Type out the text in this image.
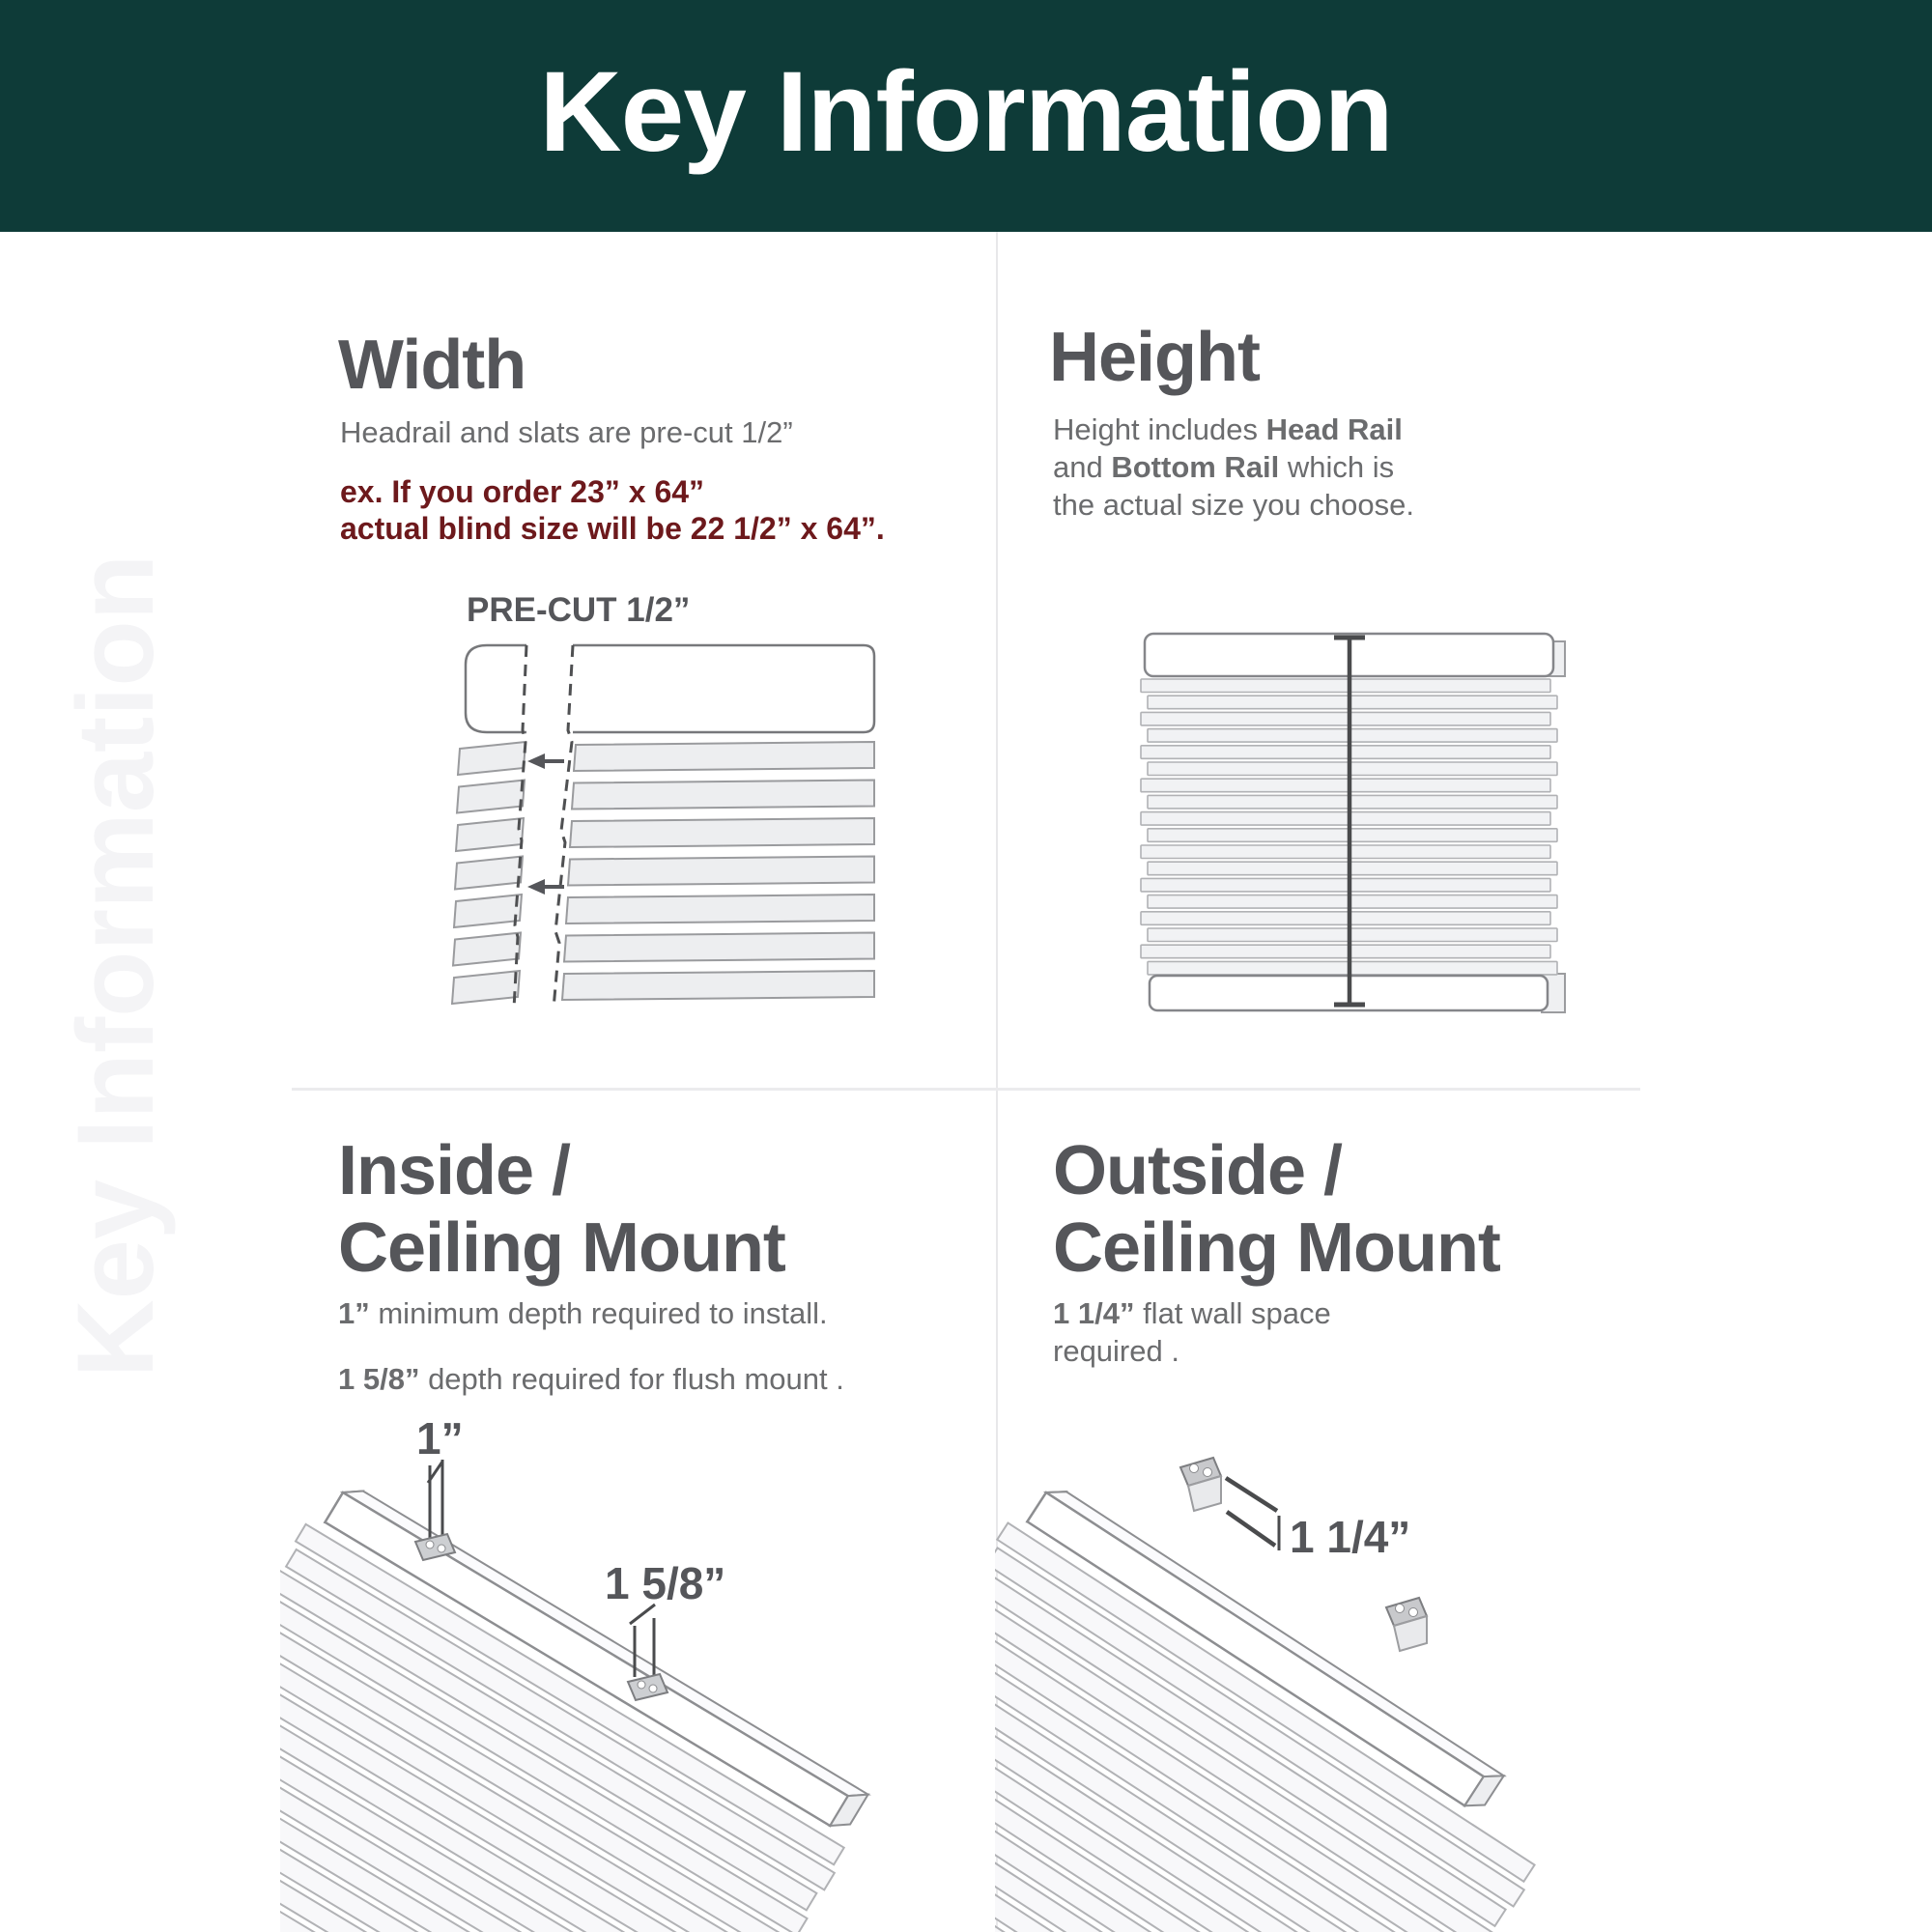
Key Information
Key Information
Width
Headrail and slats are pre-cut 1/2”
ex. If you order 23” x 64”
actual blind size will be 22 1/2” x 64”.
PRE-CUT 1/2”
Height
Height includes Head Rail and Bottom Rail which is the actual size you choose.
Inside /
Ceiling Mount
1” minimum depth required to install.
1 5/8” depth required for flush mount .
1”
1 5/8”
Outside /
Ceiling Mount
1 1/4” flat wall space
required .
1 1/4”
